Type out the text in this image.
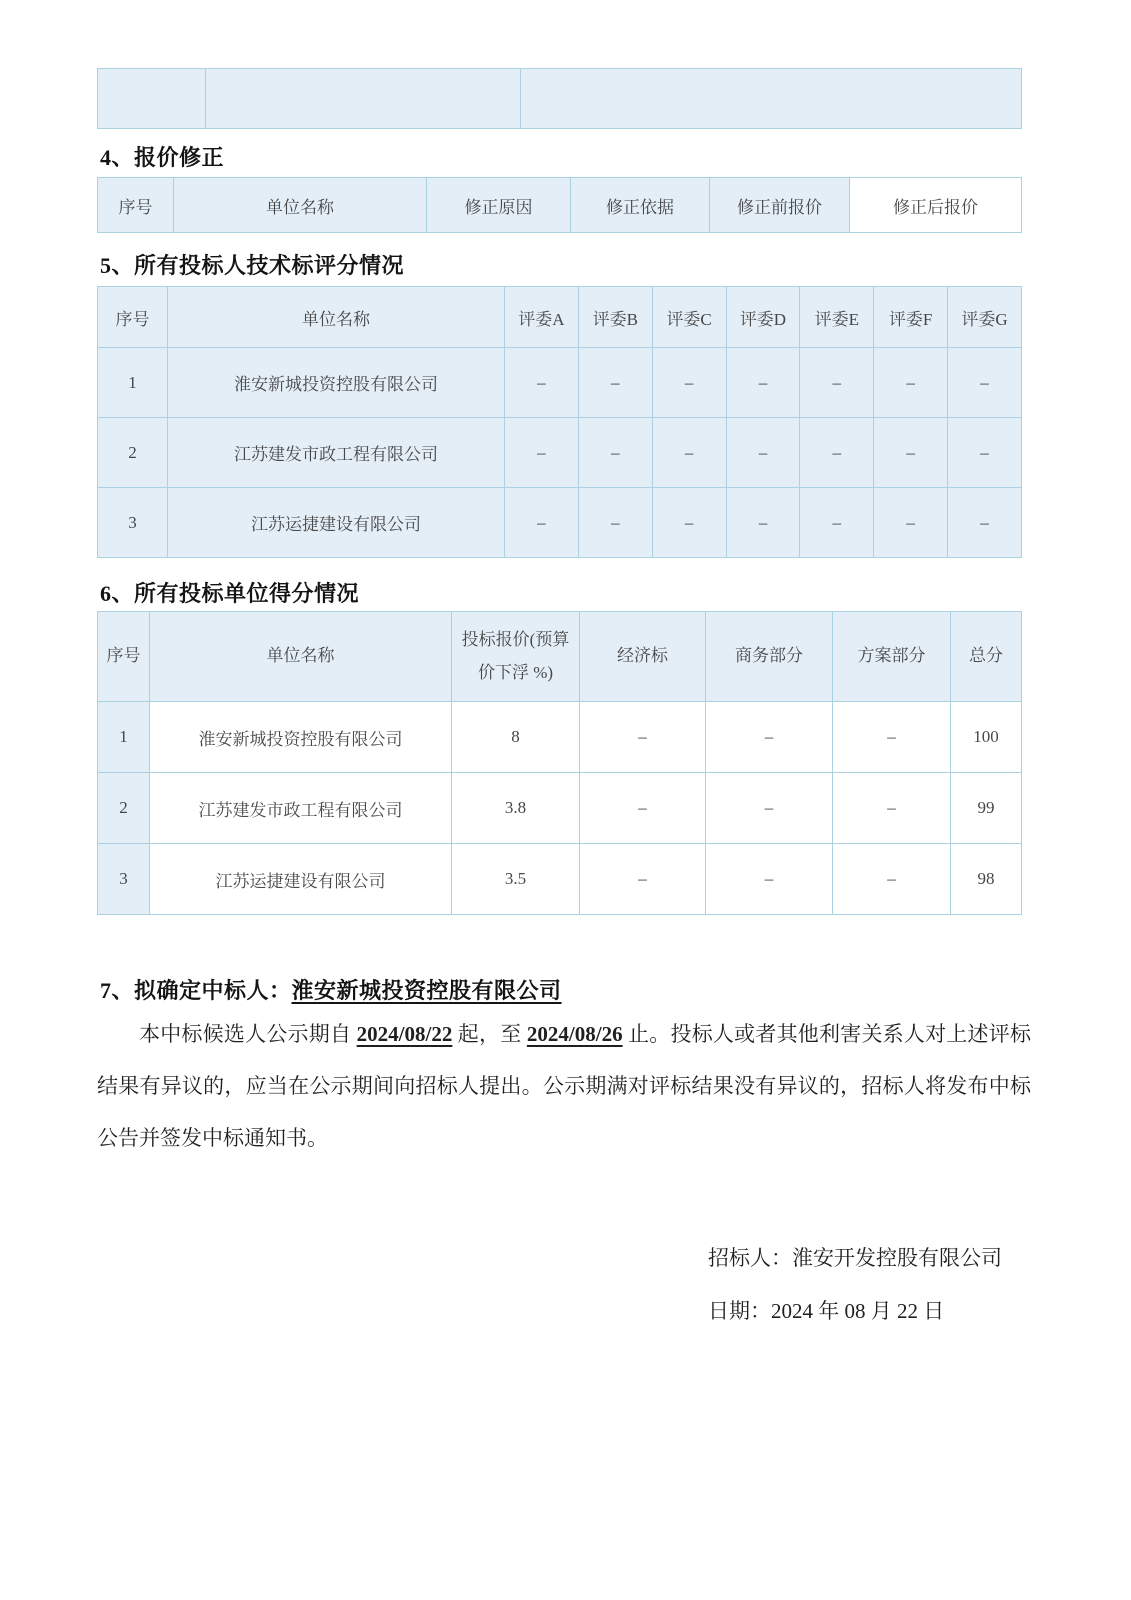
4、报价修正
序号	单位名称	修正原因	修正依据	修正前报价	修正后报价
5、所有投标人技术标评分情况
序号	单位名称	评委A	评委B	评委C	评委D	评委E	评委F	评委G
1	淮安新城投资控股有限公司	–	–	–	–	–	–	–
2	江苏建发市政工程有限公司	–	–	–	–	–	–	–
3	江苏运捷建设有限公司	–	–	–	–	–	–	–
6、所有投标单位得分情况
序号	单位名称	投标报价(预算价下浮 %)	经济标	商务部分	方案部分	总分
1	淮安新城投资控股有限公司	8	–	–	–	100
2	江苏建发市政工程有限公司	3.8	–	–	–	99
3	江苏运捷建设有限公司	3.5	–	–	–	98
7、拟确定中标人：淮安新城投资控股有限公司

本中标候选人公示期自 2024/08/22 起，至 2024/08/26 止。投标人或者其他利害关系人对上述评标结果有异议的，应当在公示期间向招标人提出。公示期满对评标结果没有异议的，招标人将发布中标公告并签发中标通知书。

招标人：淮安开发控股有限公司
日期：2024 年 08 月 22 日
